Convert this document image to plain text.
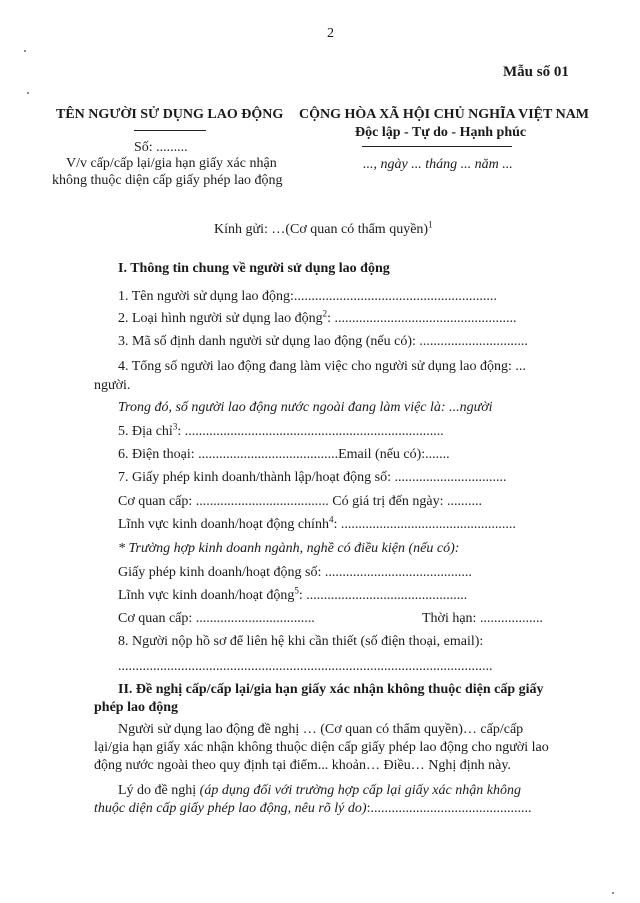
2
Mẫu số 01
TÊN NGƯỜI SỬ DỤNG LAO ĐỘNG
Số: .........
V/v cấp/cấp lại/gia hạn giấy xác nhận
không thuộc diện cấp giấy phép lao động
CỘNG HÒA XÃ HỘI CHỦ NGHĨA VIỆT NAM
Độc lập - Tự do - Hạnh phúc
..., ngày ... tháng ... năm ...
Kính gửi: …(Cơ quan có thẩm quyền)$^1$
I. Thông tin chung về người sử dụng lao động
1. Tên người sử dụng lao động:..........................................................
2. Loại hình người sử dụng lao động$^2$: ....................................................
3. Mã số định danh người sử dụng lao động (nếu có): ...............................
4. Tổng số người lao động đang làm việc cho người sử dụng lao động: ...
người.
Trong đó, số người lao động nước ngoài đang làm việc là: ...người
5. Địa chỉ$^3$: ..........................................................................
6. Điện thoại: ........................................Email (nếu có):.......
7. Giấy phép kinh doanh/thành lập/hoạt động số: ................................
Cơ quan cấp: ...................................... Có giá trị đến ngày: ..........
Lĩnh vực kinh doanh/hoạt động chính$^4$: ..................................................
* Trường hợp kinh doanh ngành, nghề có điều kiện (nếu có):
Giấy phép kinh doanh/hoạt động số: ..........................................
Lĩnh vực kinh doanh/hoạt động$^5$: ..............................................
Cơ quan cấp: ..................................	Thời hạn: ..................
8. Người nộp hồ sơ để liên hệ khi cần thiết (số điện thoại, email):
...........................................................................................................
II. Đề nghị cấp/cấp lại/gia hạn giấy xác nhận không thuộc diện cấp giấy
phép lao động
Người sử dụng lao động đề nghị … (Cơ quan có thẩm quyền)… cấp/cấp
lại/gia hạn giấy xác nhận không thuộc diện cấp giấy phép lao động cho người lao
động nước ngoài theo quy định tại điểm... khoản… Điều… Nghị định này.
Lý do đề nghị (áp dụng đối với trường hợp cấp lại giấy xác nhận không
thuộc diện cấp giấy phép lao động, nêu rõ lý do):..............................................
